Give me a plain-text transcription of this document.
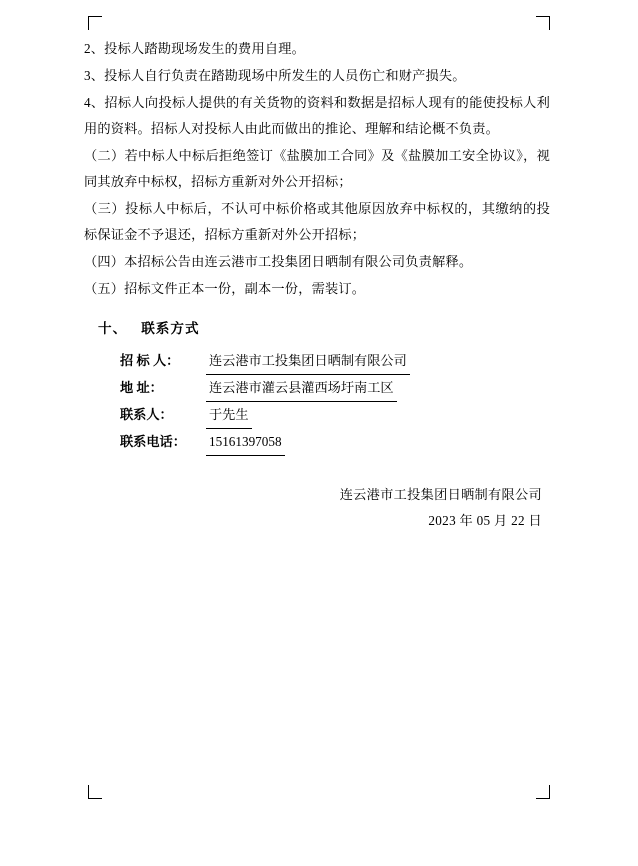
2、投标人踏勘现场发生的费用自理。

3、投标人自行负责在踏勘现场中所发生的人员伤亡和财产损失。

4、招标人向投标人提供的有关货物的资料和数据是招标人现有的能使投标人利用的资料。招标人对投标人由此而做出的推论、理解和结论概不负责。

（二）若中标人中标后拒绝签订《盐膜加工合同》及《盐膜加工安全协议》，视同其放弃中标权，招标方重新对外公开招标；

（三）投标人中标后，不认可中标价格或其他原因放弃中标权的，其缴纳的投标保证金不予退还，招标方重新对外公开招标；

（四）本招标公告由连云港市工投集团日晒制有限公司负责解释。

（五）招标文件正本一份，副本一份，需装订。

十、 联系方式
招 标 人： 连云港市工投集团日晒制有限公司
地 址：	连云港市灌云县灌西场圩南工区
联系人：	于先生
联系电话： 15161397058
连云港市工投集团日晒制有限公司
2023 年 05 月 22 日
